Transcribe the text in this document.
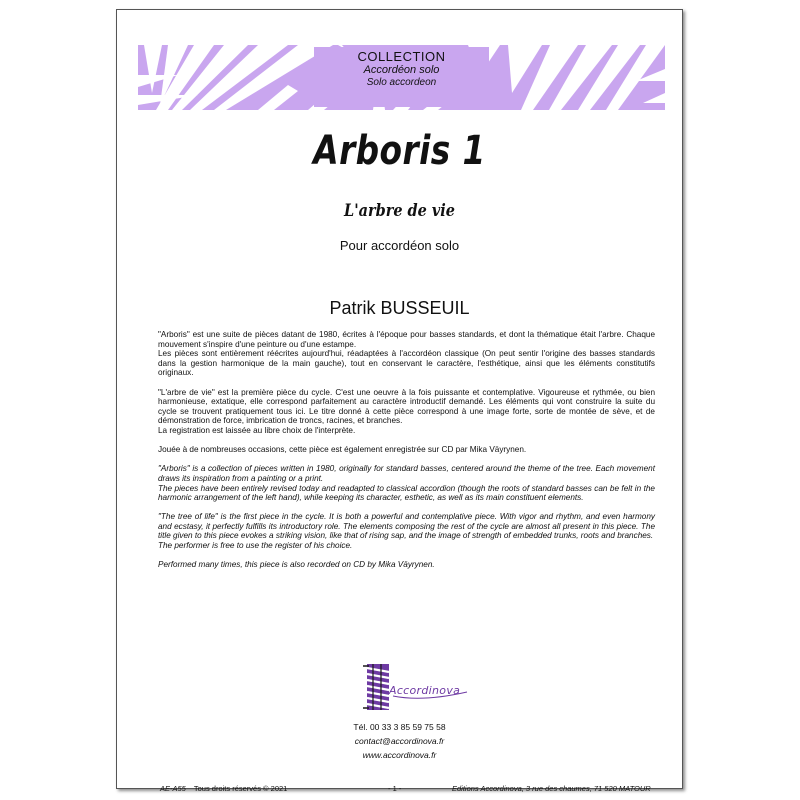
COLLECTION
Accordéon solo
Solo accordeon
Arboris 1
L'arbre de vie
Pour accordéon solo
Patrik BUSSEUIL

"Arboris" est une suite de pièces datant de 1980, écrites à l'époque pour basses standards, et dont la thématique était l'arbre. Chaque mouvement s'inspire d'une peinture ou d'une estampe.
Les pièces sont entièrement réécrites aujourd'hui, réadaptées à l'accordéon classique (On peut sentir l'origine des basses standards dans la gestion harmonique de la main gauche), tout en conservant le caractère, l'esthétique, ainsi que les éléments constitutifs originaux.

"L'arbre de vie" est la première pièce du cycle. C'est une oeuvre à la fois puissante et contemplative. Vigoureuse et rythmée, ou bien harmonieuse, extatique, elle correspond parfaitement au caractère introductif demandé. Les éléments qui vont construire la suite du cycle se trouvent pratiquement tous ici. Le titre donné à cette pièce correspond à une image forte, sorte de montée de sève, et de démonstration de force, imbrication de troncs, racines, et branches.
La registration est laissée au libre choix de l'interprète.

Jouée à de nombreuses occasions, cette pièce est également enregistrée sur CD par Mika Väyrynen.

"Arboris" is a collection of pieces written in 1980, originally for standard basses, centered around the theme of the tree. Each movement draws its inspiration from a painting or a print.
The pieces have been entirely revised today and readapted to classical accordion (though the roots of standard basses can be felt in the harmonic arrangement of the left hand), while keeping its character, esthetic, as well as its main constituent elements.

"The tree of life" is the first piece in the cycle. It is both a powerful and contemplative piece. With vigor and rhythm, and even harmony and ecstasy, it perfectly fulfills its introductory role. The elements composing the rest of the cycle are almost all present in this piece. The title given to this piece evokes a striking vision, like that of rising sap, and the image of strength of embedded trunks, roots and branches.
The performer is free to use the register of his choice.

Performed many times, this piece is also recorded on CD by Mika Väyrynen.

Accordinova
Tél. 00 33 3 85 59 75 58
contact@accordinova.fr
www.accordinova.fr
AE-A55 Tous droits réservés © 2021	- 1 -	Editions Accordinova, 3 rue des chaumes, 71 520 MATOUR
